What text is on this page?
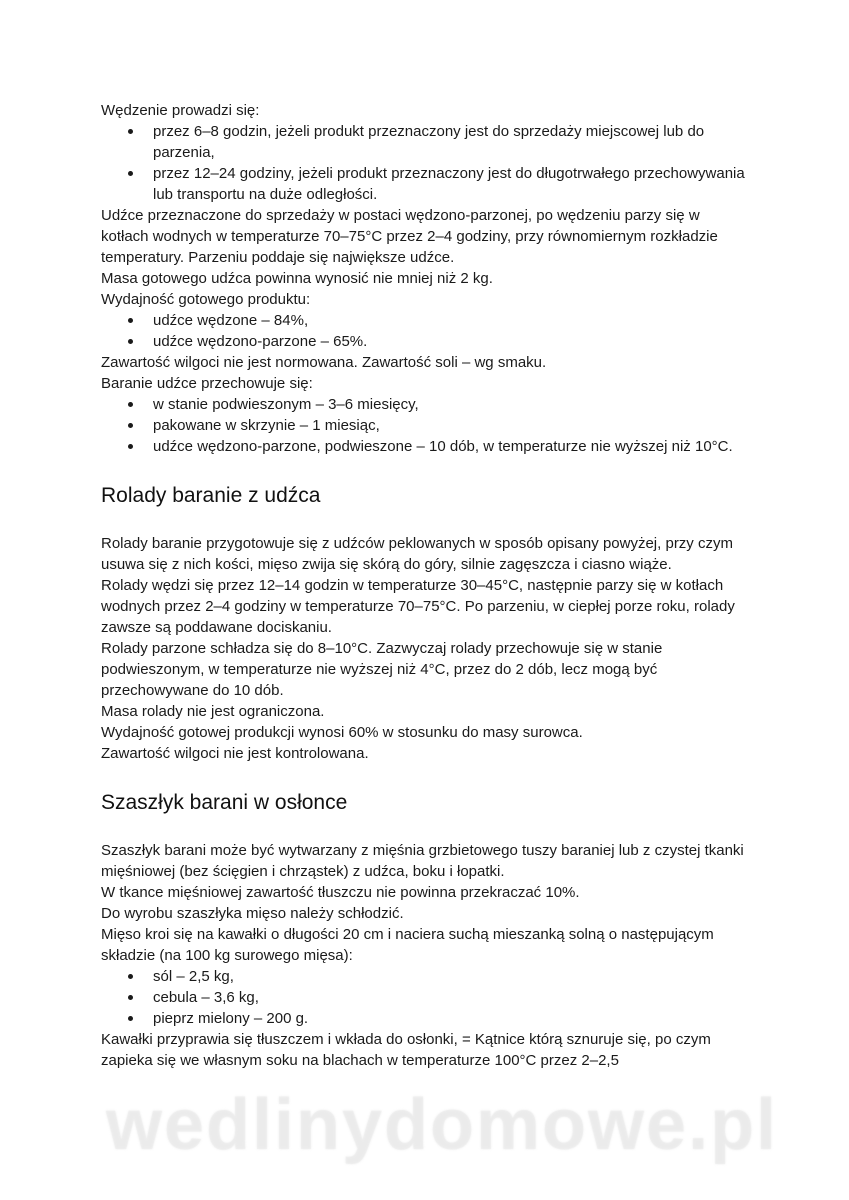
Wędzenie prowadzi się:

przez 6–8 godzin, jeżeli produkt przeznaczony jest do sprzedaży miejscowej lub do parzenia,
przez 12–24 godziny, jeżeli produkt przeznaczony jest do długotrwałego przechowywania lub transportu na duże odległości.

Udźce przeznaczone do sprzedaży w postaci wędzono-parzonej, po wędzeniu parzy się w kotłach wodnych w temperaturze 70–75°C przez 2–4 godziny, przy równomiernym rozkładzie temperatury. Parzeniu poddaje się największe udźce.

Masa gotowego udźca powinna wynosić nie mniej niż 2 kg.

Wydajność gotowego produktu:

udźce wędzone – 84%,
udźce wędzono-parzone – 65%.

Zawartość wilgoci nie jest normowana. Zawartość soli – wg smaku.

Baranie udźce przechowuje się:

w stanie podwieszonym – 3–6 miesięcy,
pakowane w skrzynie – 1 miesiąc,
udźce wędzono-parzone, podwieszone – 10 dób, w temperaturze nie wyższej niż 10°C.
Rolady baranie z udźca

Rolady baranie przygotowuje się z udźców peklowanych w sposób opisany powyżej, przy czym usuwa się z nich kości, mięso zwija się skórą do góry, silnie zagęszcza i ciasno wiąże.

Rolady wędzi się przez 12–14 godzin w temperaturze 30–45°C, następnie parzy się w kotłach wodnych przez 2–4 godziny w temperaturze 70–75°C. Po parzeniu, w ciepłej porze roku, rolady zawsze są poddawane dociskaniu.

Rolady parzone schładza się do 8–10°C. Zazwyczaj rolady przechowuje się w stanie podwieszonym, w temperaturze nie wyższej niż 4°C, przez do 2 dób, lecz mogą być przechowywane do 10 dób.

Masa rolady nie jest ograniczona.

Wydajność gotowej produkcji wynosi 60% w stosunku do masy surowca.

Zawartość wilgoci nie jest kontrolowana.

Szaszłyk barani w osłonce

Szaszłyk barani może być wytwarzany z mięśnia grzbietowego tuszy baraniej lub z czystej tkanki mięśniowej (bez ścięgien i chrząstek) z udźca, boku i łopatki.

W tkance mięśniowej zawartość tłuszczu nie powinna przekraczać 10%.

Do wyrobu szaszłyka mięso należy schłodzić.

Mięso kroi się na kawałki o długości 20 cm i naciera suchą mieszanką solną o następującym składzie (na 100 kg surowego mięsa):

sól – 2,5 kg,
cebula – 3,6 kg,
pieprz mielony – 200 g.

Kawałki przyprawia się tłuszczem i wkłada do osłonki, = Kątnice którą sznuruje się, po czym zapieka się we własnym soku na blachach w temperaturze 100°C przez 2–2,5

wedlinydomowe.pl
